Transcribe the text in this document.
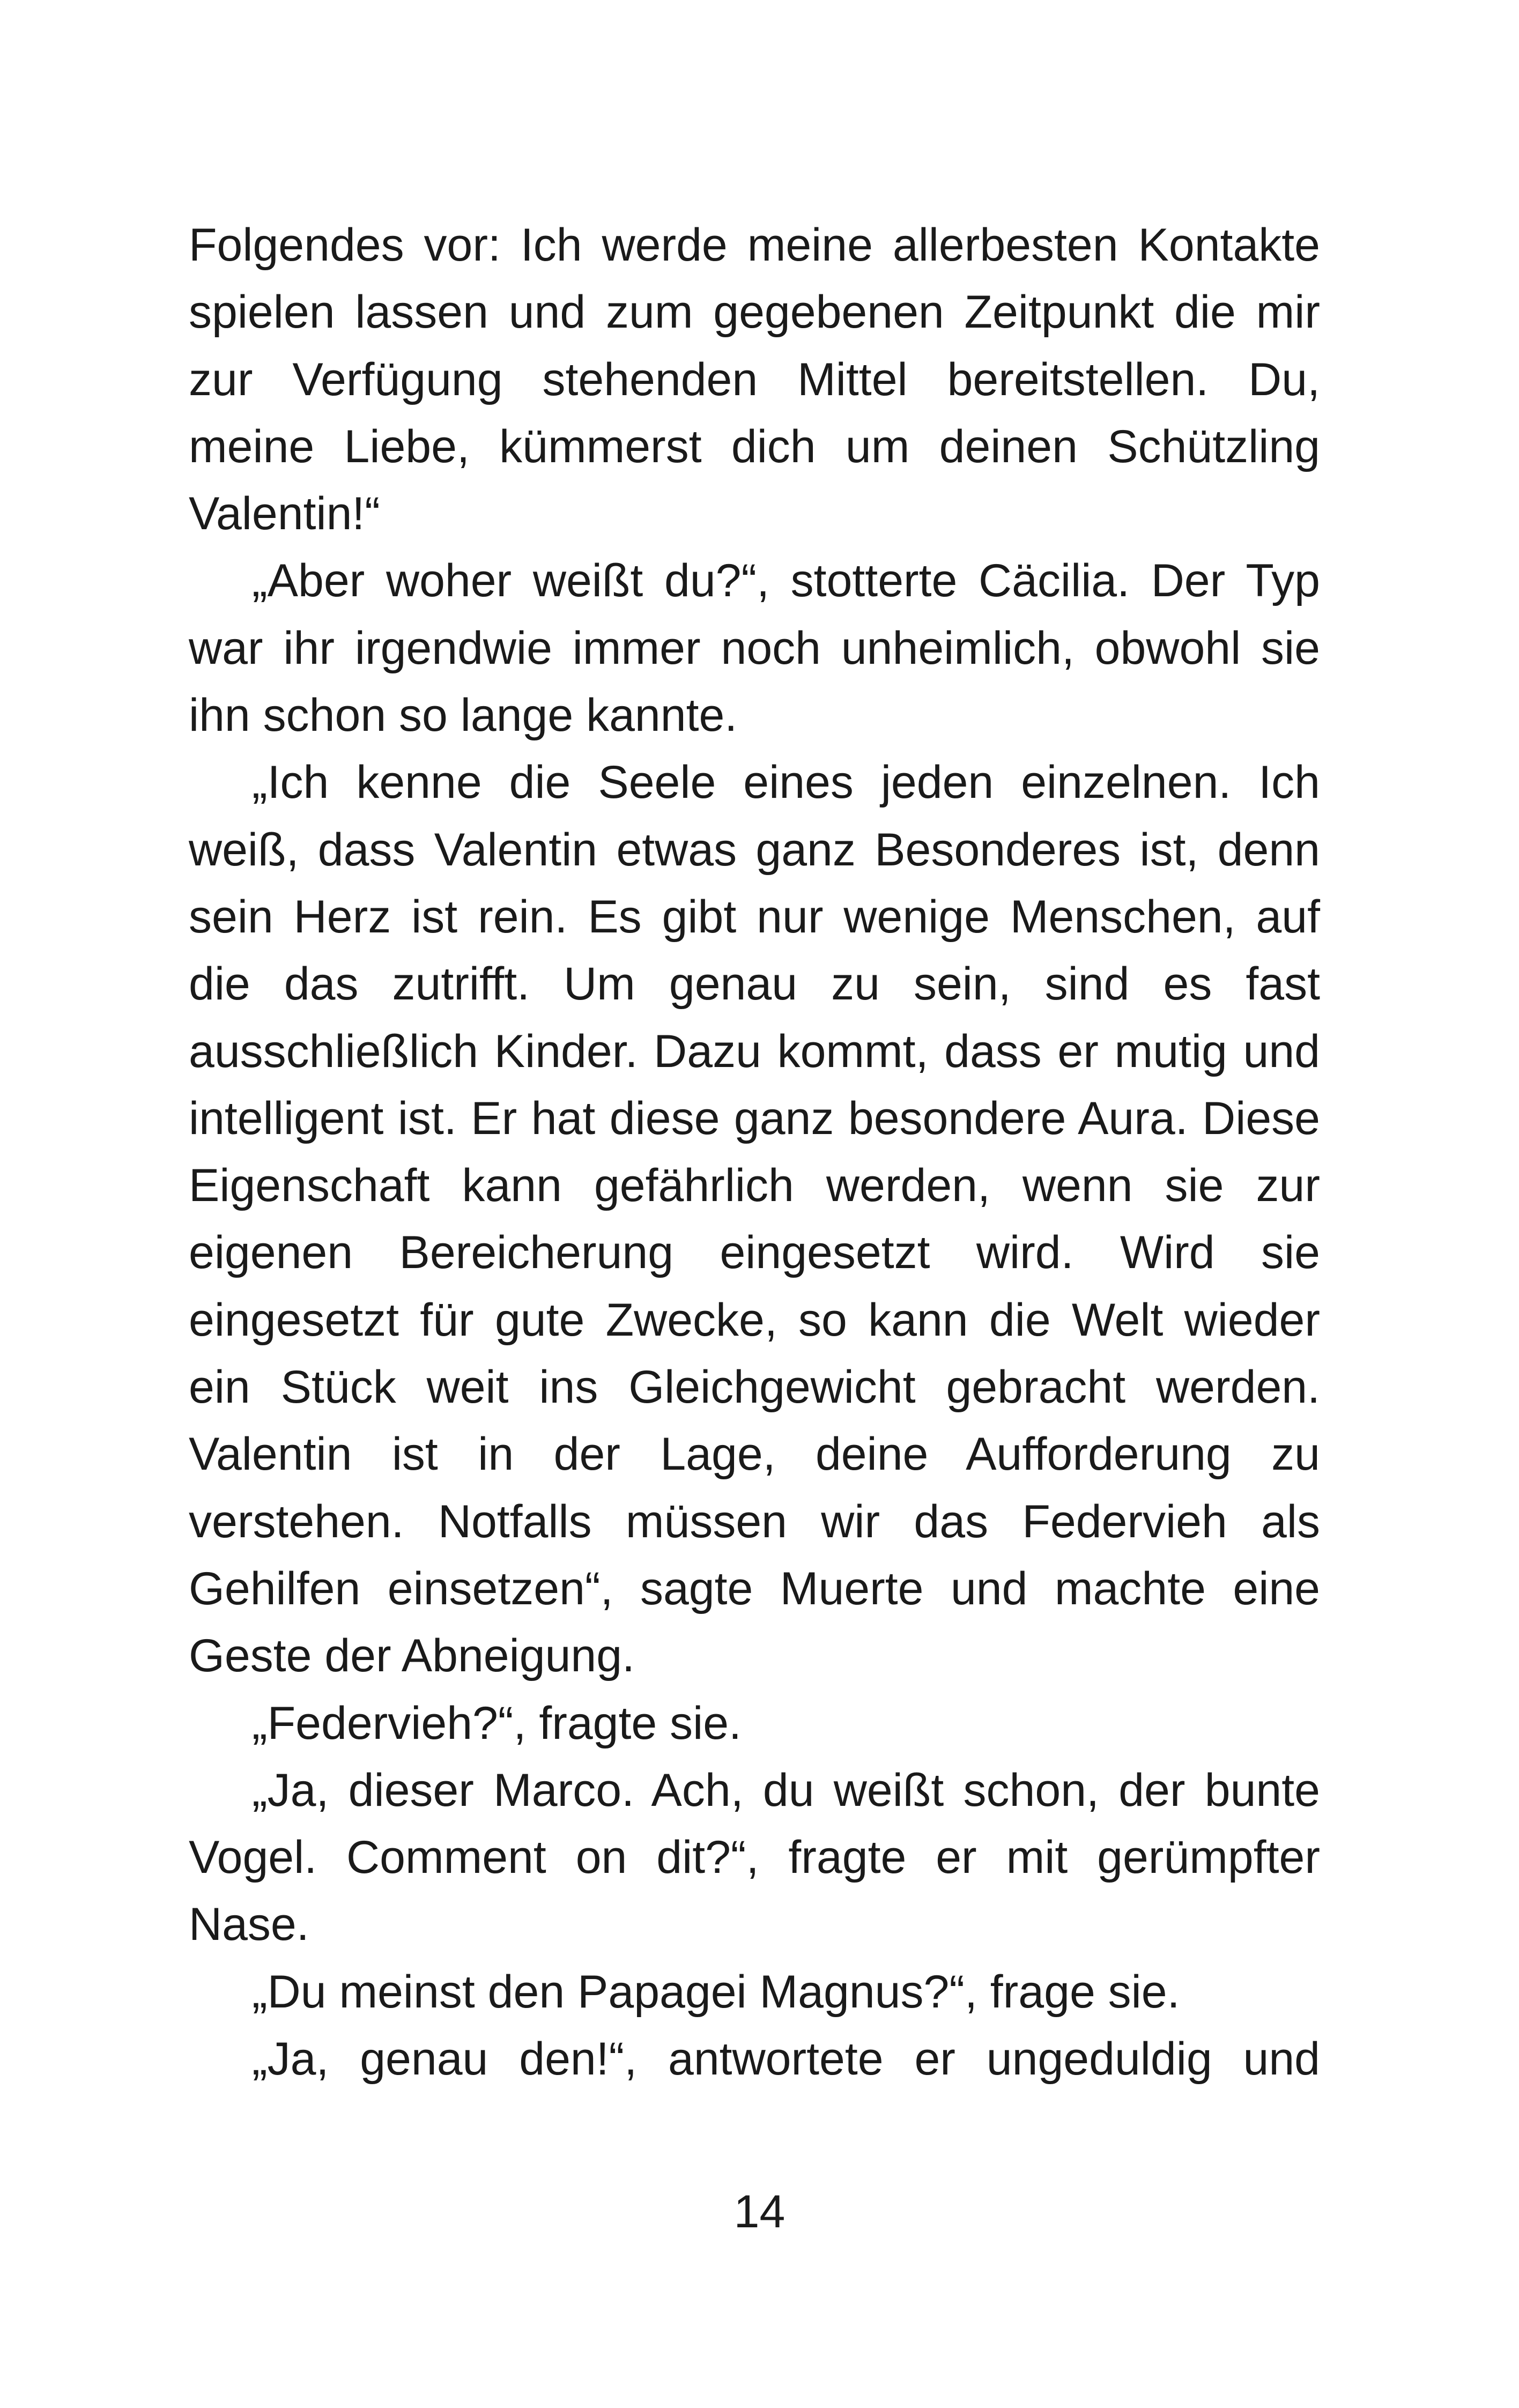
Folgendes vor: Ich werde meine allerbesten Kontakte spielen lassen und zum gegebenen Zeitpunkt die mir zur Verfügung stehenden Mittel bereitstellen. Du, meine Liebe, kümmerst dich um deinen Schützling Valentin!“

„Aber woher weißt du?“, stotterte Cäcilia. Der Typ war ihr irgendwie immer noch unheimlich, obwohl sie ihn schon so lange kannte.

„Ich kenne die Seele eines jeden einzelnen. Ich weiß, dass Valentin etwas ganz Besonderes ist, denn sein Herz ist rein. Es gibt nur wenige Menschen, auf die das zutrifft. Um genau zu sein, sind es fast ausschließlich Kinder. Dazu kommt, dass er mutig und intelligent ist. Er hat diese ganz besondere Aura. Diese Eigenschaft kann gefährlich werden, wenn sie zur eigenen Bereicherung eingesetzt wird. Wird sie eingesetzt für gute Zwecke, so kann die Welt wieder ein Stück weit ins Gleichgewicht gebracht werden. Valentin ist in der Lage, deine Aufforderung zu verstehen. Notfalls müssen wir das Federvieh als Gehilfen einsetzen“, sagte Muerte und machte eine Geste der Abneigung.

„Federvieh?“, fragte sie.

„Ja, dieser Marco. Ach, du weißt schon, der bunte Vogel. Comment on dit?“, fragte er mit gerümpfter Nase.

„Du meinst den Papagei Magnus?“, frage sie.

„Ja, genau den!“, antwortete er ungeduldig und

14
